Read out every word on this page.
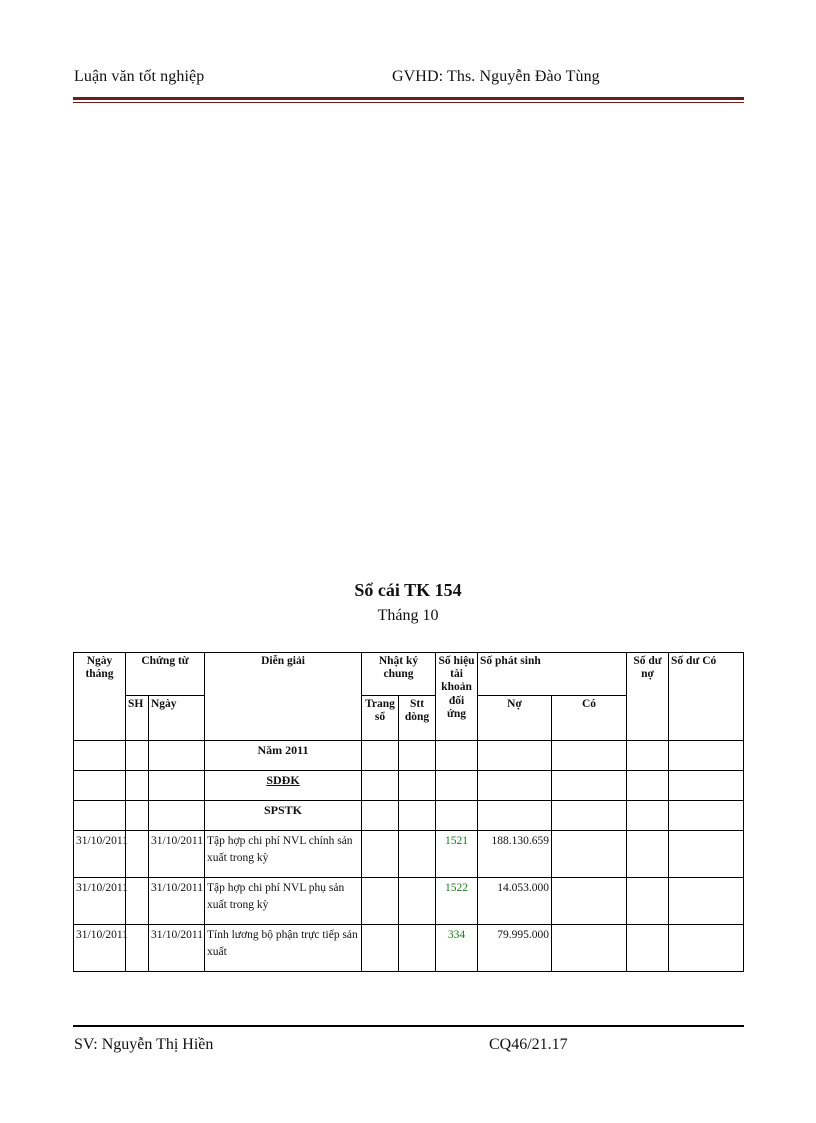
Luận văn tốt nghiệp	GVHD: Ths. Nguyễn Đào Tùng
Sổ cái TK 154
Tháng 10
Ngày tháng	Chứng từ		Diễn giải	Nhật ký chung		Số hiệu tài khoản đối ứng	Số phát sinh		Số dư nợ	Số dư Có
	SH	Ngày		Trang sổ	Stt dòng		Nợ	Có		
			Năm 2011							
			SDĐK							
			SPSTK							
31/10/2011		31/10/2011	Tập hợp chi phí NVL chính sản xuất trong kỳ			1521	188.130.659			
31/10/2011		31/10/2011	Tập hợp chi phí NVL phụ sản xuất trong kỳ			1522	14.053.000			
31/10/2011		31/10/2011	Tính lương bộ phận trực tiếp sản xuất			334	79.995.000			
SV: Nguyễn Thị Hiền	CQ46/21.17
